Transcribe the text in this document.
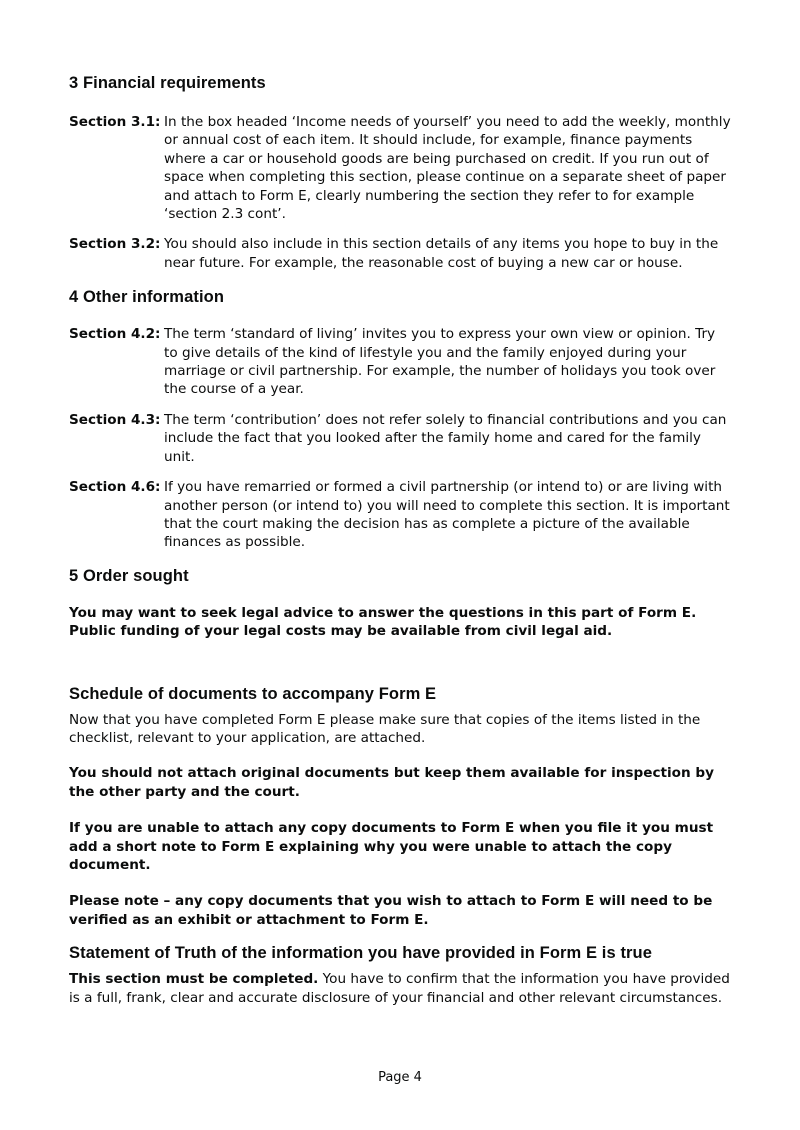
3 Financial requirements
Section 3.1: In the box headed ‘Income needs of yourself’ you need to add the weekly, monthly or annual cost of each item. It should include, for example, finance payments where a car or household goods are being purchased on credit. If you run out of space when completing this section, please continue on a separate sheet of paper and attach to Form E, clearly numbering the section they refer to for example ‘section 2.3 cont’.
Section 3.2: You should also include in this section details of any items you hope to buy in the near future. For example, the reasonable cost of buying a new car or house.
4 Other information
Section 4.2: The term ‘standard of living’ invites you to express your own view or opinion. Try to give details of the kind of lifestyle you and the family enjoyed during your marriage or civil partnership. For example, the number of holidays you took over the course of a year.
Section 4.3: The term ‘contribution’ does not refer solely to financial contributions and you can include the fact that you looked after the family home and cared for the family unit.
Section 4.6: If you have remarried or formed a civil partnership (or intend to) or are living with another person (or intend to) you will need to complete this section. It is important that the court making the decision has as complete a picture of the available finances as possible.
5 Order sought

You may want to seek legal advice to answer the questions in this part of Form E. Public funding of your legal costs may be available from civil legal aid.

Schedule of documents to accompany Form E

Now that you have completed Form E please make sure that copies of the items listed in the checklist, relevant to your application, are attached.

You should not attach original documents but keep them available for inspection by the other party and the court.

If you are unable to attach any copy documents to Form E when you file it you must add a short note to Form E explaining why you were unable to attach the copy document.

Please note – any copy documents that you wish to attach to Form E will need to be verified as an exhibit or attachment to Form E.

Statement of Truth of the information you have provided in Form E is true

This section must be completed. You have to confirm that the information you have provided is a full, frank, clear and accurate disclosure of your financial and other relevant circumstances.

Page 4
